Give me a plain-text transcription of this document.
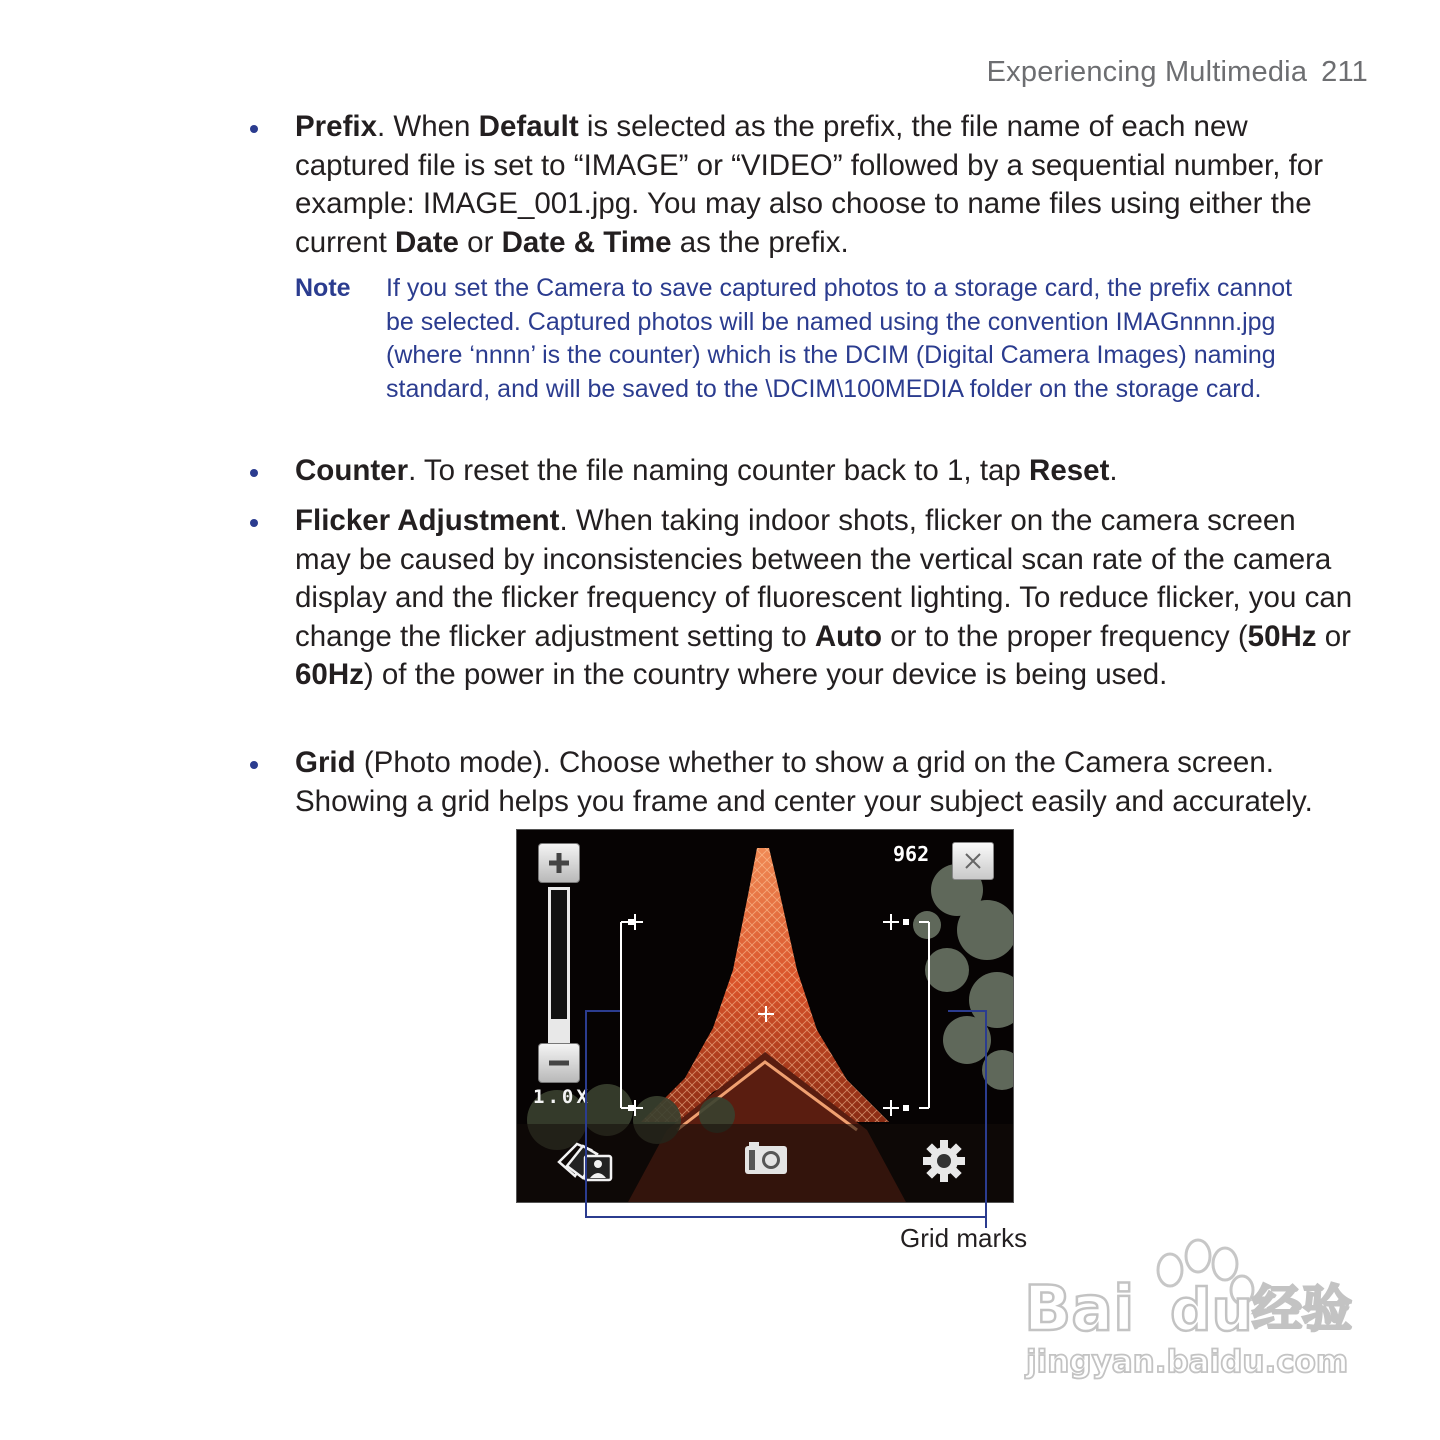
Experiencing Multimedia 211
Prefix. When Default is selected as the prefix, the file name of each new captured file is set to “IMAGE” or “VIDEO” followed by a sequential number, for example: IMAGE_001.jpg. You may also choose to name files using either the current Date or Date & Time as the prefix.
Note If you set the Camera to save captured photos to a storage card, the prefix cannot be selected. Captured photos will be named using the convention IMAGnnnn.jpg (where ‘nnnn’ is the counter) which is the DCIM (Digital Camera Images) naming standard, and will be saved to the \DCIM\100MEDIA folder on the storage card.
Counter. To reset the file naming counter back to 1, tap Reset.
Flicker Adjustment. When taking indoor shots, flicker on the camera screen may be caused by inconsistencies between the vertical scan rate of the camera display and the flicker frequency of fluorescent lighting. To reduce flicker, you can change the flicker adjustment setting to Auto or to the proper frequency (50Hz or 60Hz) of the power in the country where your device is being used.
Grid (Photo mode). Choose whether to show a grid on the Camera screen. Showing a grid helps you frame and center your subject easily and accurately.
1.0X
962
Grid marks
Bai du 经验
jingyan.baidu.com
